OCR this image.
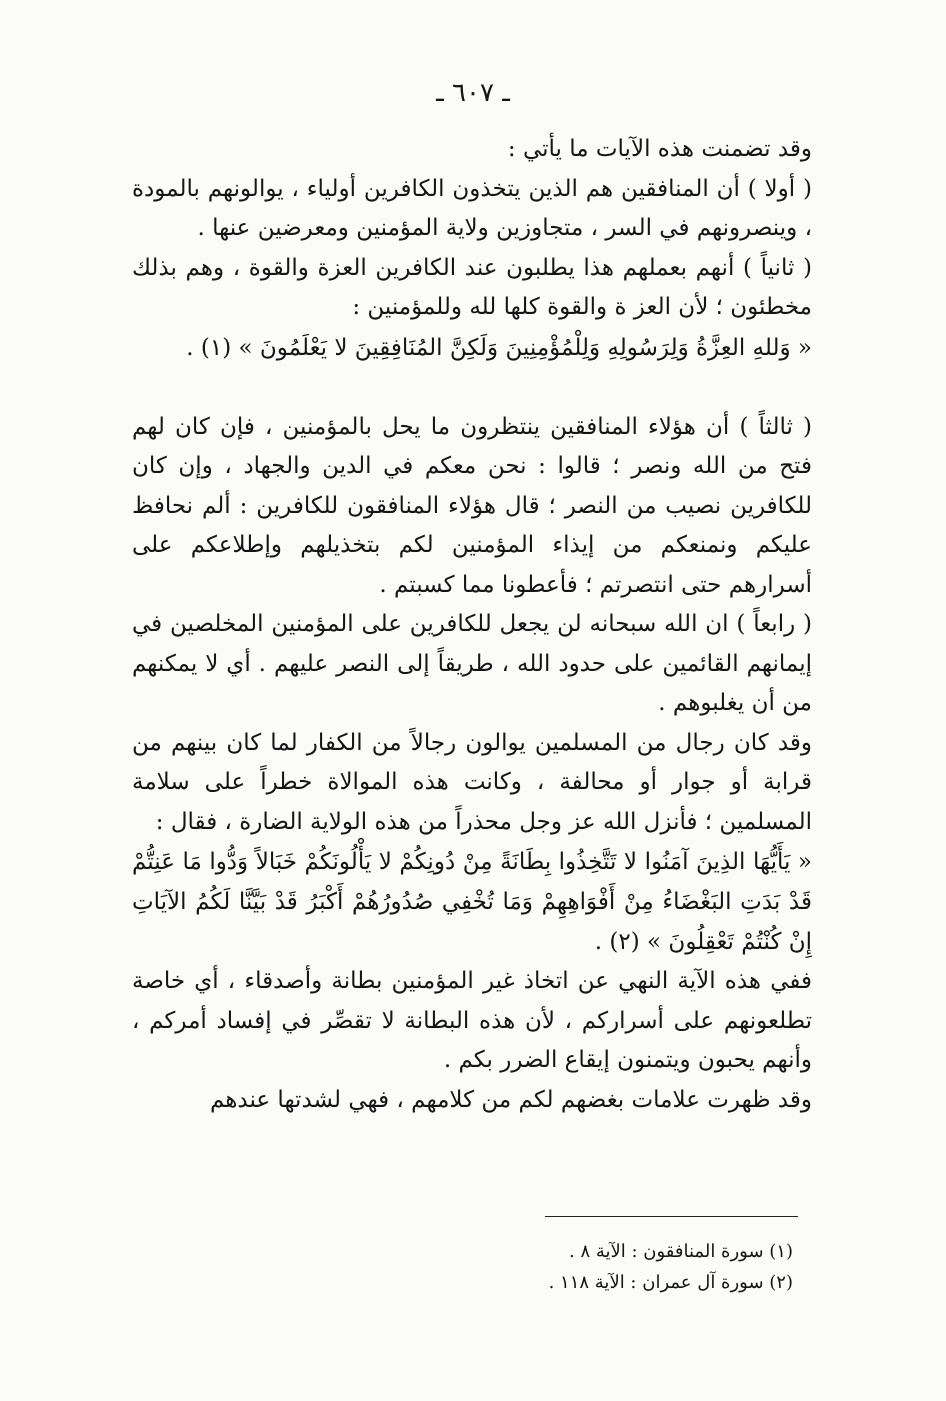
ـ ٦٠٧ ـ

وقد تضمنت هذه الآيات ما يأتي :

( أولا ) أن المنافقين هم الذين يتخذون الكافرين أولياء ، يوالونهم بالمودة ، وينصرونهم في السر ، متجاوزين ولاية المؤمنين ومعرضين عنها .

( ثانياً ) أنهم بعملهم هذا يطلبون عند الكافرين العزة والقوة ، وهم بذلك مخطئون ؛ لأن العز ة والقوة كلها لله وللمؤمنين :

« وَللهِ العِزَّةُ وَلِرَسُولِهِ وَلِلْمُؤْمِنِينَ وَلَكِنَّ المُنَافِقِينَ لا يَعْلَمُونَ » (١) .

( ثالثاً ) أن هؤلاء المنافقين ينتظرون ما يحل بالمؤمنين ، فإن كان لهم فتح من الله ونصر ؛ قالوا : نحن معكم في الدين والجهاد ، وإن كان للكافرين نصيب من النصر ؛ قال هؤلاء المنافقون للكافرين : ألم نحافظ عليكم ونمنعكم من إيذاء المؤمنين لكم بتخذيلهم وإطلاعكم على أسرارهم حتى انتصرتم ؛ فأعطونا مما كسبتم .

( رابعاً ) ان الله سبحانه لن يجعل للكافرين على المؤمنين المخلصين في إيمانهم القائمين على حدود الله ، طريقاً إلى النصر عليهم . أي لا يمكنهم من أن يغلبوهم .

وقد كان رجال من المسلمين يوالون رجالاً من الكفار لما كان بينهم من قرابة أو جوار أو محالفة ، وكانت هذه الموالاة خطراً على سلامة المسلمين ؛ فأنزل الله عز وجل محذراً من هذه الولاية الضارة ، فقال :

« يَأَيُّهَا الذِينَ آمَنُوا لا تَتَّخِذُوا بِطَانَةً مِنْ دُونِكُمْ لا يَأْلُونَكُمْ خَبَالاً وَدُّوا مَا عَنِتُّمْ قَدْ بَدَتِ البَغْضَاءُ مِنْ أَفْوَاهِهِمْ وَمَا تُخْفِي صُدُورُهُمْ أَكْبَرُ قَدْ بَيَّنَّا لَكُمُ الآيَاتِ إِنْ كُنْتُمْ تَعْقِلُونَ » (٢) .

ففي هذه الآية النهي عن اتخاذ غير المؤمنين بطانة وأصدقاء ، أي خاصة تطلعونهم على أسراركم ، لأن هذه البطانة لا تقصِّر في إفساد أمركم ، وأنهم يحبون ويتمنون إيقاع الضرر بكم .

وقد ظهرت علامات بغضهم لكم من كلامهم ، فهي لشدتها عندهم

(١) سورة المنافقون : الآية ٨ .

(٢) سورة آل عمران : الآية ١١٨ .
